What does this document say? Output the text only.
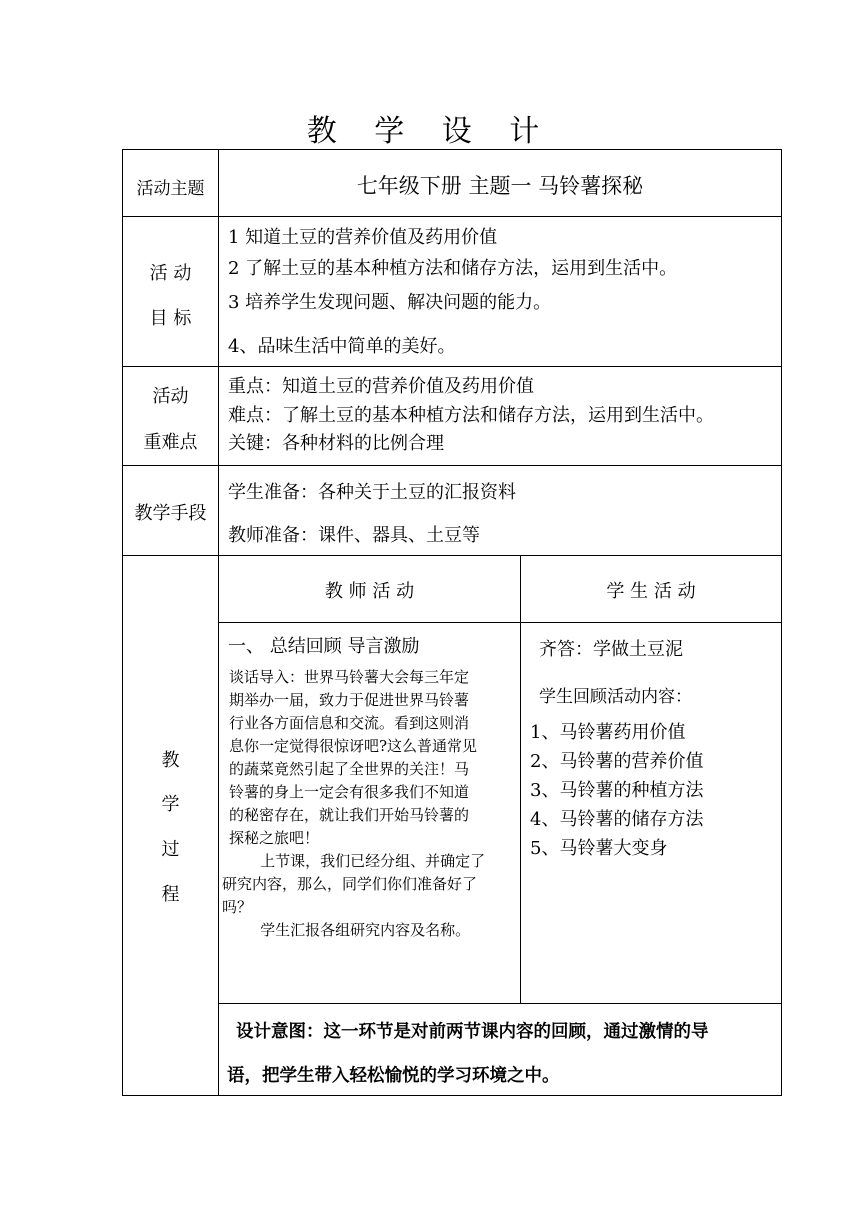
教 学 设 计
活动主题	七年级下册 主题一 马铃薯探秘
活 动
目 标
1 知道土豆的营养价值及药用价值
2 了解土豆的基本种植方法和储存方法，运用到生活中。
3 培养学生发现问题、解决问题的能力。
4、品味生活中简单的美好。
活动
重难点
重点：知道土豆的营养价值及药用价值
难点：了解土豆的基本种植方法和储存方法，运用到生活中。
关键：各种材料的比例合理
教学手段
学生准备：各种关于土豆的汇报资料
教师准备：课件、器具、土豆等
教
学
过
程
教 师 活 动	学 生 活 动
一、 总结回顾 导言激励
谈话导入：世界马铃薯大会每三年定
期举办一届，致力于促进世界马铃薯
行业各方面信息和交流。看到这则消
息你一定觉得很惊讶吧?这么普通常见
的蔬菜竟然引起了全世界的关注！马
铃薯的身上一定会有很多我们不知道
的秘密存在，就让我们开始马铃薯的
探秘之旅吧！
上节课，我们已经分组、并确定了
研究内容，那么，同学们你们准备好了
吗？
学生汇报各组研究内容及名称。
齐答：学做土豆泥
学生回顾活动内容：
1、马铃薯药用价值
2、马铃薯的营养价值
3、马铃薯的种植方法
4、马铃薯的储存方法
5、马铃薯大变身
设计意图：这一环节是对前两节课内容的回顾，通过激情的导
语，把学生带入轻松愉悦的学习环境之中。
